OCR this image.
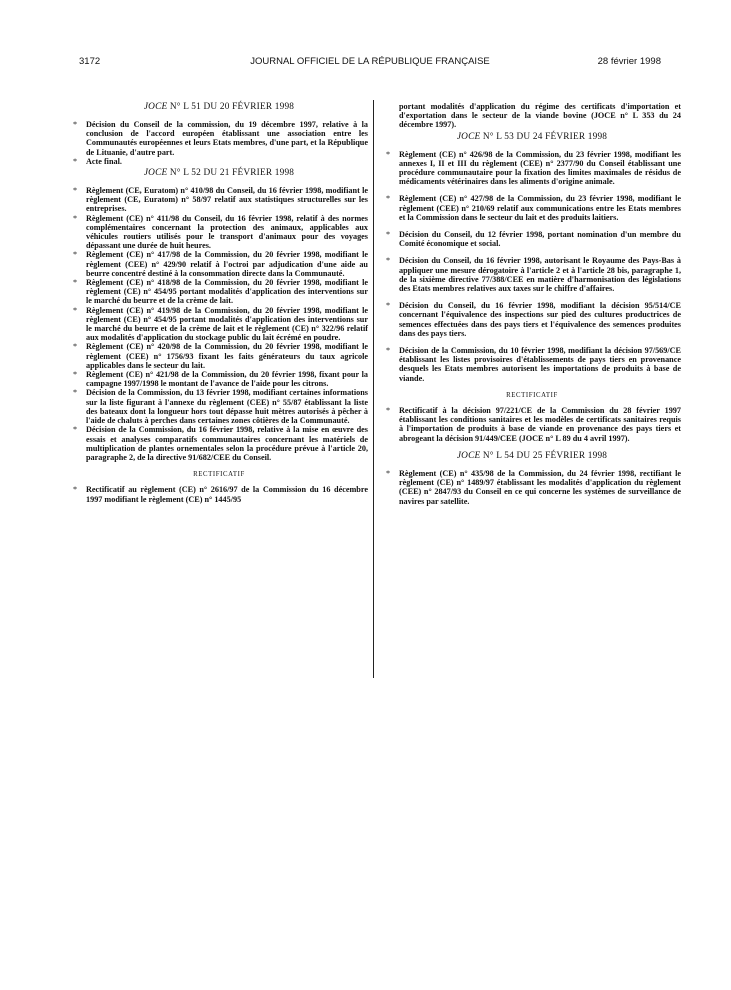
3172	JOURNAL OFFICIEL DE LA RÉPUBLIQUE FRANÇAISE	28 février 1998
JOCE N° L 51 DU 20 FÉVRIER 1998
* Décision du Conseil de la commission, du 19 décembre 1997, relative à la conclusion de l'accord européen établissant une association entre les Communautés européennes et leurs Etats membres, d'une part, et la République de Lituanie, d'autre part.
* Acte final.
JOCE N° L 52 DU 21 FÉVRIER 1998
* Règlement (CE, Euratom) n° 410/98 du Conseil, du 16 février 1998, modifiant le règlement (CE, Euratom) n° 58/97 relatif aux statistiques structurelles sur les entreprises.
* Règlement (CE) n° 411/98 du Conseil, du 16 février 1998, relatif à des normes complémentaires concernant la protection des animaux, applicables aux véhicules routiers utilisés pour le transport d'animaux pour des voyages dépassant une durée de huit heures.
* Règlement (CE) n° 417/98 de la Commission, du 20 février 1998, modifiant le règlement (CEE) n° 429/90 relatif à l'octroi par adjudication d'une aide au beurre concentré destiné à la consommation directe dans la Communauté.
* Règlement (CE) n° 418/98 de la Commission, du 20 février 1998, modifiant le règlement (CE) n° 454/95 portant modalités d'application des interventions sur le marché du beurre et de la crème de lait.
* Règlement (CE) n° 419/98 de la Commission, du 20 février 1998, modifiant le règlement (CE) n° 454/95 portant modalités d'application des interventions sur le marché du beurre et de la crème de lait et le règlement (CE) n° 322/96 relatif aux modalités d'application du stockage public du lait écrémé en poudre.
* Règlement (CE) n° 420/98 de la Commission, du 20 février 1998, modifiant le règlement (CEE) n° 1756/93 fixant les faits générateurs du taux agricole applicables dans le secteur du lait.
* Règlement (CE) n° 421/98 de la Commission, du 20 février 1998, fixant pour la campagne 1997/1998 le montant de l'avance de l'aide pour les citrons.
* Décision de la Commission, du 13 février 1998, modifiant certaines informations sur la liste figurant à l'annexe du règlement (CEE) n° 55/87 établissant la liste des bateaux dont la longueur hors tout dépasse huit mètres autorisés à pêcher à l'aide de chaluts à perches dans certaines zones côtières de la Communauté.
* Décision de la Commission, du 16 février 1998, relative à la mise en œuvre des essais et analyses comparatifs communautaires concernant les matériels de multiplication de plantes ornementales selon la procédure prévue à l'article 20, paragraphe 2, de la directive 91/682/CEE du Conseil.
RECTIFICATIF
* Rectificatif au règlement (CE) n° 2616/97 de la Commission du 16 décembre 1997 modifiant le règlement (CE) n° 1445/95
portant modalités d'application du régime des certificats d'importation et d'exportation dans le secteur de la viande bovine (JOCE n° L 353 du 24 décembre 1997).
JOCE N° L 53 DU 24 FÉVRIER 1998
* Règlement (CE) n° 426/98 de la Commission, du 23 février 1998, modifiant les annexes I, II et III du règlement (CEE) n° 2377/90 du Conseil établissant une procédure communautaire pour la fixation des limites maximales de résidus de médicaments vétérinaires dans les aliments d'origine animale.
* Règlement (CE) n° 427/98 de la Commission, du 23 février 1998, modifiant le règlement (CEE) n° 210/69 relatif aux communications entre les Etats membres et la Commission dans le secteur du lait et des produits laitiers.
* Décision du Conseil, du 12 février 1998, portant nomination d'un membre du Comité économique et social.
* Décision du Conseil, du 16 février 1998, autorisant le Royaume des Pays-Bas à appliquer une mesure dérogatoire à l'article 2 et à l'article 28 bis, paragraphe 1, de la sixième directive 77/388/CEE en matière d'harmonisation des législations des Etats membres relatives aux taxes sur le chiffre d'affaires.
* Décision du Conseil, du 16 février 1998, modifiant la décision 95/514/CE concernant l'équivalence des inspections sur pied des cultures productrices de semences effectuées dans des pays tiers et l'équivalence des semences produites dans des pays tiers.
* Décision de la Commission, du 10 février 1998, modifiant la décision 97/569/CE établissant les listes provisoires d'établissements de pays tiers en provenance desquels les Etats membres autorisent les importations de produits à base de viande.
RECTIFICATIF
* Rectificatif à la décision 97/221/CE de la Commission du 28 février 1997 établissant les conditions sanitaires et les modèles de certificats sanitaires requis à l'importation de produits à base de viande en provenance des pays tiers et abrogeant la décision 91/449/CEE (JOCE n° L 89 du 4 avril 1997).
JOCE N° L 54 DU 25 FÉVRIER 1998
* Règlement (CE) n° 435/98 de la Commission, du 24 février 1998, rectifiant le règlement (CE) n° 1489/97 établissant les modalités d'application du règlement (CEE) n° 2847/93 du Conseil en ce qui concerne les systèmes de surveillance de navires par satellite.
